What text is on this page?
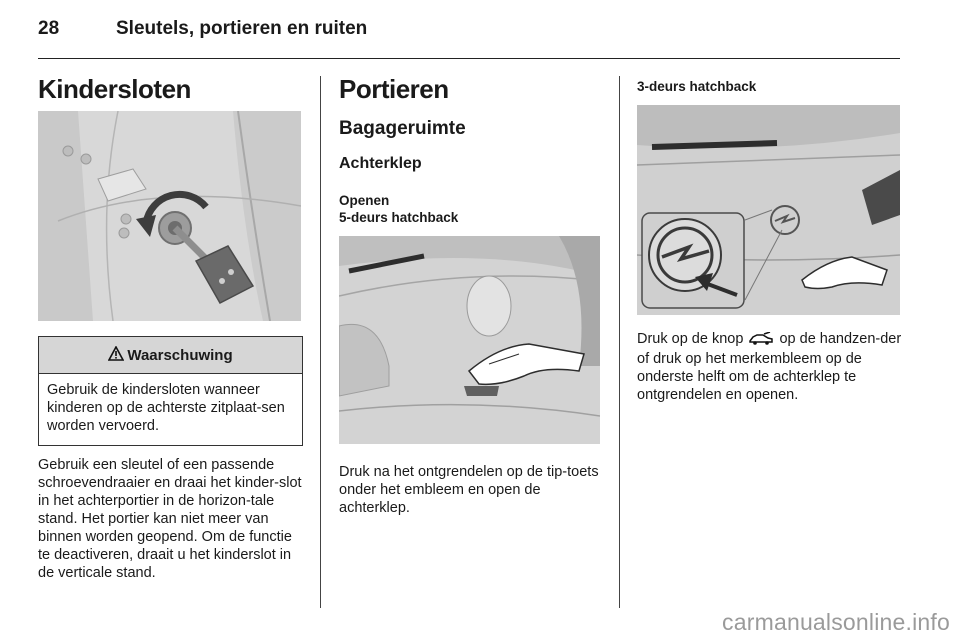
28	Sleutels, portieren en ruiten
Kindersloten
Waarschuwing
Gebruik de kindersloten wanneer kinderen op de achterste zitplaat-sen worden vervoerd.
Gebruik een sleutel of een passende schroevendraaier en draai het kinder-slot in het achterportier in de horizon-tale stand. Het portier kan niet meer van binnen worden geopend. Om de functie te deactiveren, draait u het kinderslot in de verticale stand.
Portieren
Bagageruimte
Achterklep
Openen
5-deurs hatchback
Druk na het ontgrendelen op de tip-toets onder het embleem en open de achterklep.
3-deurs hatchback
Druk op de knop op de handzen-der of druk op het merkembleem op de onderste helft om de achterklep te ontgrendelen en openen.
carmanualsonline.info
